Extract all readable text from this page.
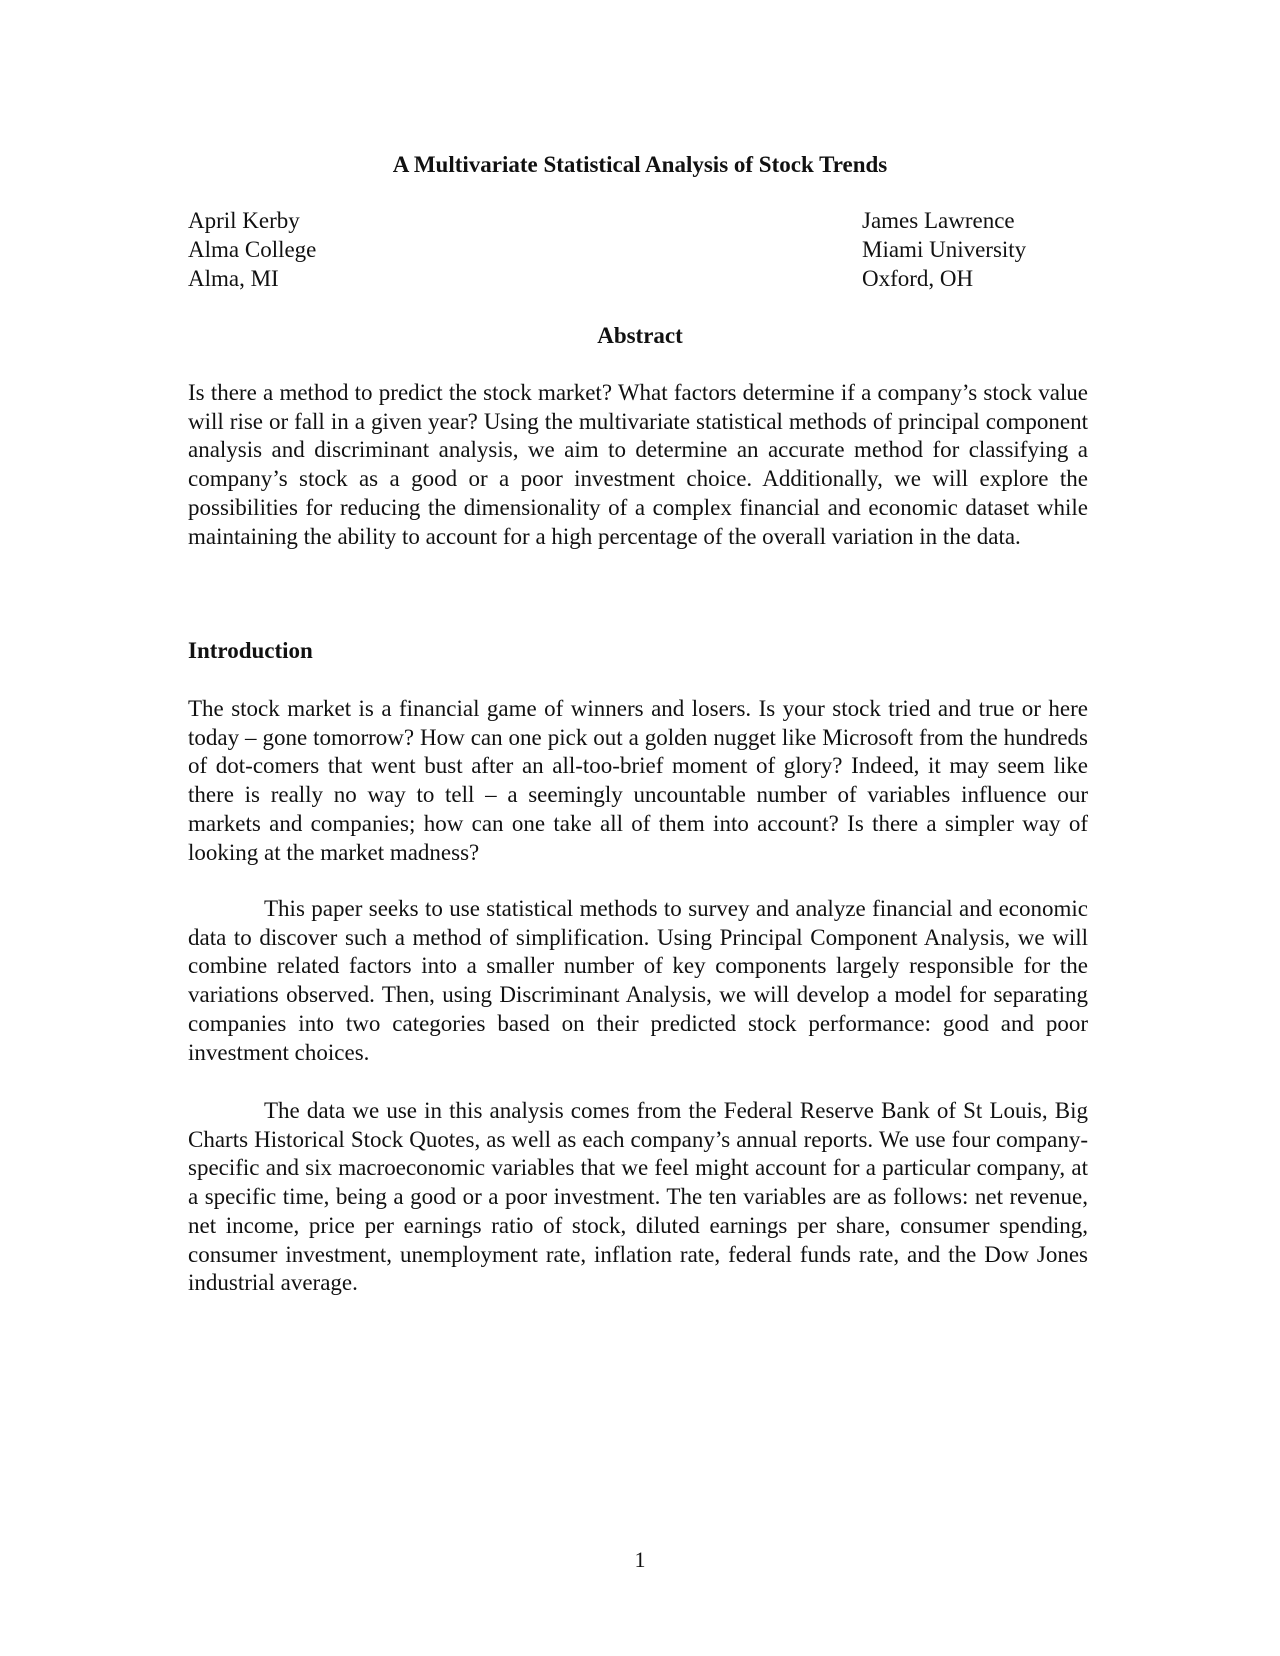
A Multivariate Statistical Analysis of Stock Trends
April Kerby
Alma College
Alma, MI
James Lawrence
Miami University
Oxford, OH
Abstract

Is there a method to predict the stock market? What factors determine if a company’s stock value will rise or fall in a given year? Using the multivariate statistical methods of principal component analysis and discriminant analysis, we aim to determine an accurate method for classifying a company’s stock as a good or a poor investment choice. Additionally, we will explore the possibilities for reducing the dimensionality of a complex financial and economic dataset while maintaining the ability to account for a high percentage of the overall variation in the data.

Introduction

The stock market is a financial game of winners and losers. Is your stock tried and true or here today – gone tomorrow? How can one pick out a golden nugget like Microsoft from the hundreds of dot-comers that went bust after an all-too-brief moment of glory? Indeed, it may seem like there is really no way to tell – a seemingly uncountable number of variables influence our markets and companies; how can one take all of them into account? Is there a simpler way of looking at the market madness?

This paper seeks to use statistical methods to survey and analyze financial and economic data to discover such a method of simplification. Using Principal Component Analysis, we will combine related factors into a smaller number of key components largely responsible for the variations observed. Then, using Discriminant Analysis, we will develop a model for separating companies into two categories based on their predicted stock performance: good and poor investment choices.

The data we use in this analysis comes from the Federal Reserve Bank of St Louis, Big Charts Historical Stock Quotes, as well as each company’s annual reports. We use four company-specific and six macroeconomic variables that we feel might account for a particular company, at a specific time, being a good or a poor investment. The ten variables are as follows: net revenue, net income, price per earnings ratio of stock, diluted earnings per share, consumer spending, consumer investment, unemployment rate, inflation rate, federal funds rate, and the Dow Jones industrial average.

1
